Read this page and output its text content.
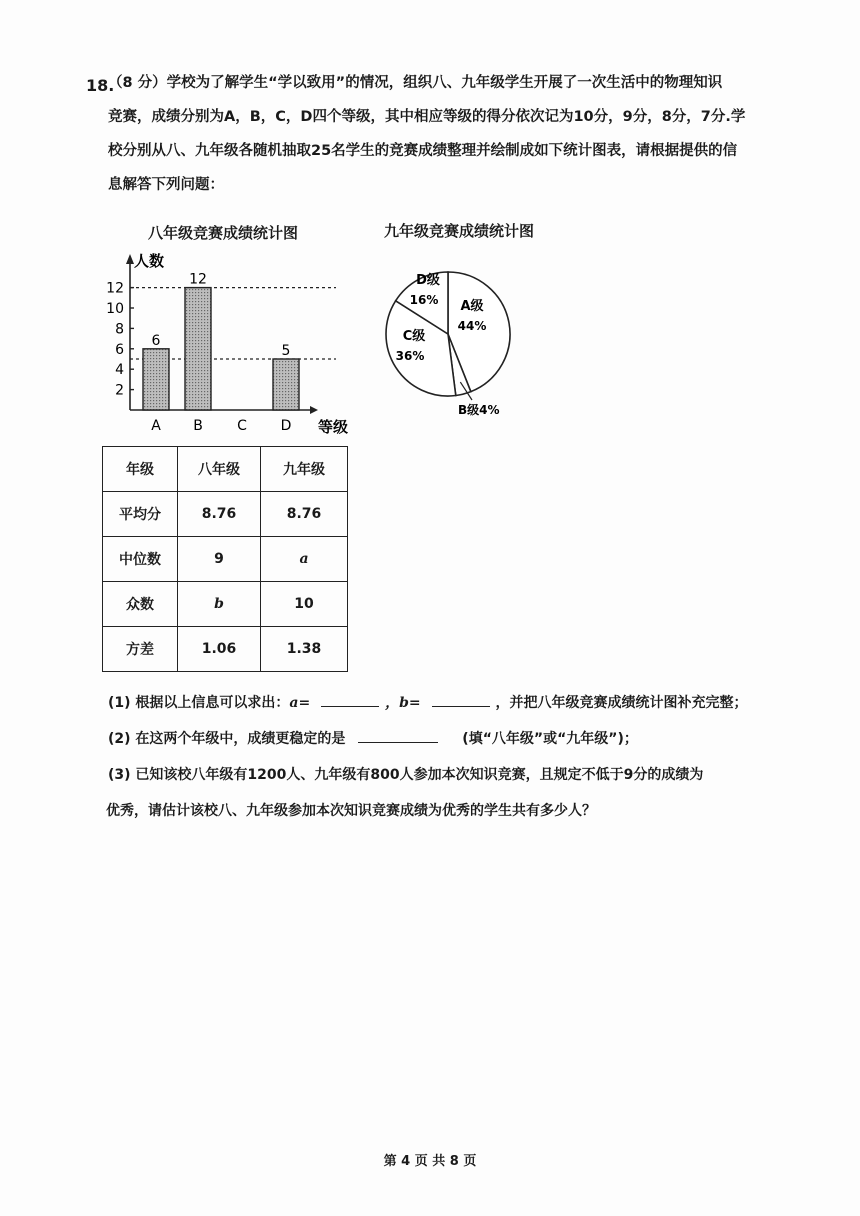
18.
（8 分）学校为了解学生“学以致用”的情况，组织八、九年级学生开展了一次生活中的物理知识
竞赛，成绩分别为A，B，C，D四个等级，其中相应等级的得分依次记为10分，9分，8分，7分.学
校分别从八、九年级各随机抽取25名学生的竞赛成绩整理并绘制成如下统计图表，请根据提供的信
息解答下列问题：
八年级竞赛成绩统计图
人数
等级
2
4
6
8
10
12
6
A
12
B C
5
D
九年级竞赛成绩统计图
A级
44%
B级4%
C级
36%
D级
16%
年级	八年级	九年级
平均分	8.76	8.76
中位数	9	a
众数	b	10
方差	1.06	1.38
(1) 根据以上信息可以求出：a=	，b=	，并把八年级竞赛成绩统计图补充完整；
(2) 在这两个年级中，成绩更稳定的是	(填“八年级”或“九年级”)；
(3) 已知该校八年级有1200人、九年级有800人参加本次知识竞赛，且规定不低于9分的成绩为
优秀，请估计该校八、九年级参加本次知识竞赛成绩为优秀的学生共有多少人？
第 4 页 共 8 页
